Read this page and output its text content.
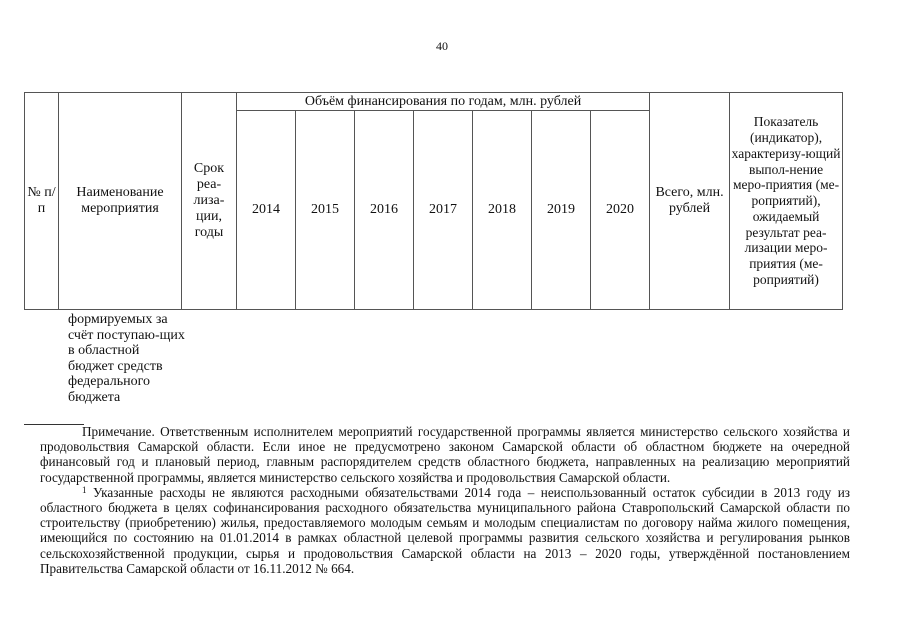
40
№ п/п	Наименование мероприятия	Срок реа-лиза-ции, годы	Объём финансирования по годам, млн. рублей							Всего, млн. рублей	Показатель (индикатор), характеризу-ющий выпол-нение меро-приятия (ме-роприятий), ожидаемый результат реа-лизации меро-приятия (ме-роприятий)
			2014	2015	2016	2017	2018	2019	2020		
формируемых за счёт поступаю-щих в областной бюджет средств федерального бюджета

Примечание. Ответственным исполнителем мероприятий государственной программы является министерство сельского хозяйства и продовольствия Самарской области. Если иное не предусмотрено законом Самарской области об областном бюджете на очередной финансовый год и плановый период, главным распорядителем средств областного бюджета, направленных на реализацию мероприятий государственной программы, является министерство сельского хозяйства и продовольствия Самарской области.

$^1$ Указанные расходы не являются расходными обязательствами 2014 года – неиспользованный остаток субсидии в 2013 году из областного бюджета в целях софинансирования расходного обязательства муниципального района Ставропольский Самарской области по строительству (приобретению) жилья, предоставляемого молодым семьям и молодым специалистам по договору найма жилого помещения, имеющийся по состоянию на 01.01.2014 в рамках областной целевой программы развития сельского хозяйства и регулирования рынков сельскохозяйственной продукции, сырья и продовольствия Самарской области на 2013 – 2020 годы, утверждённой постановлением Правительства Самарской области от 16.11.2012 № 664.
